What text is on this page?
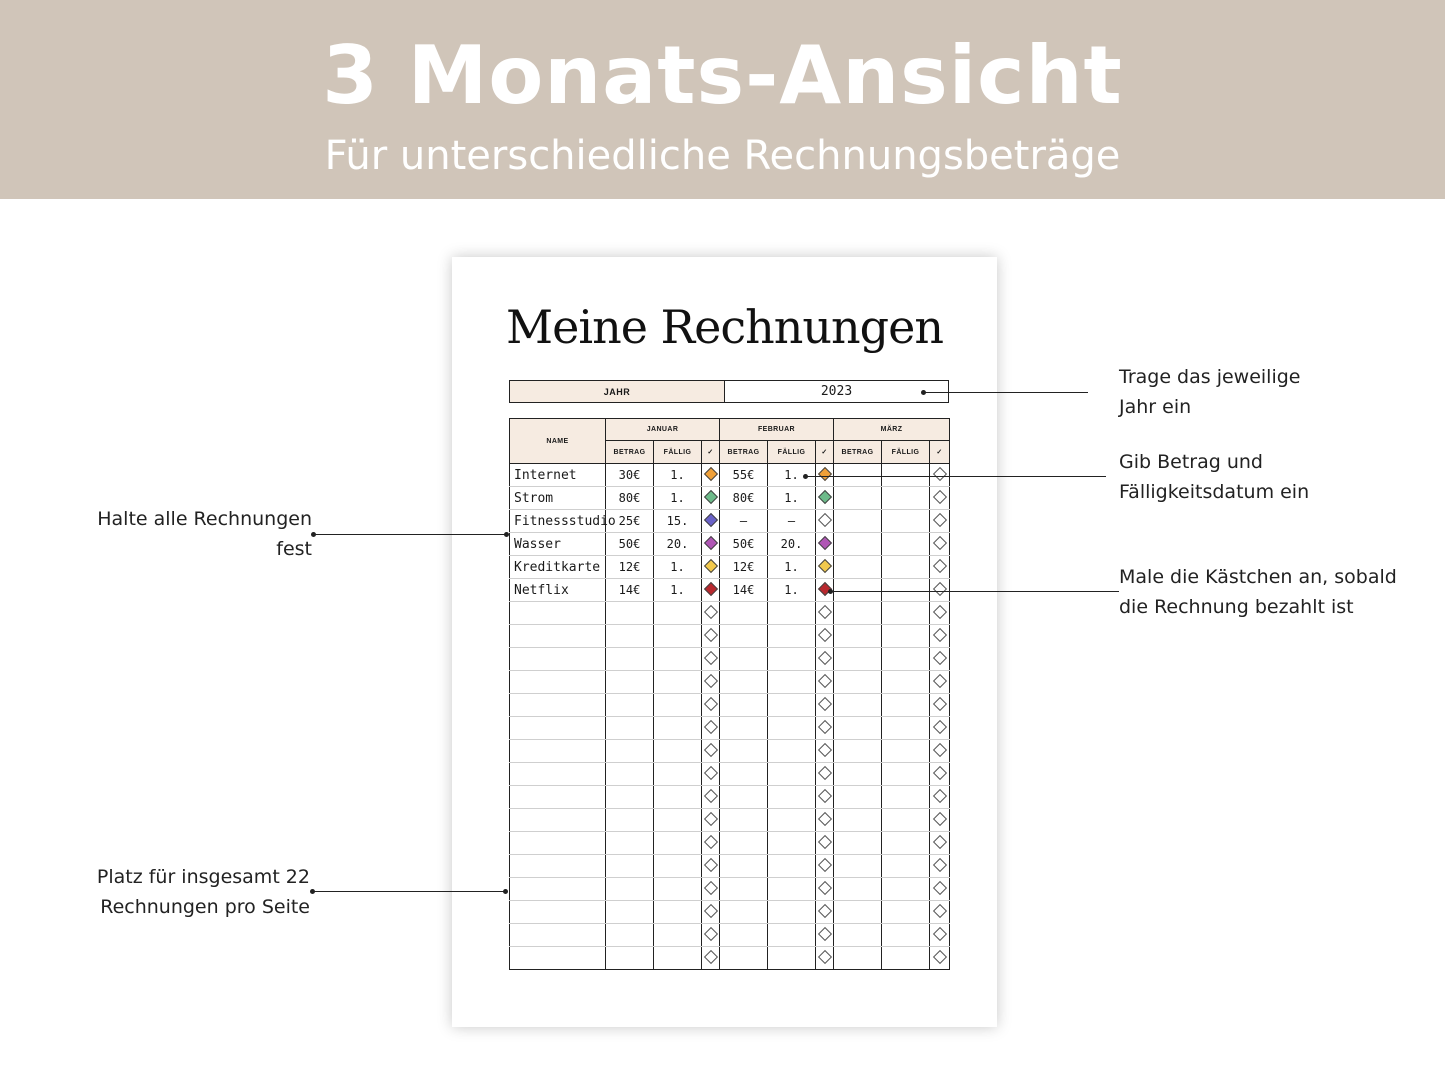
3 Monats-Ansicht
Für unterschiedliche Rechnungsbeträge
Meine Rechnungen
JAHR	2023
NAME	JANUAR			FEBRUAR			MÄRZ		
	BETRAG	FÄLLIG	✓	BETRAG	FÄLLIG	✓	BETRAG	FÄLLIG	✓
Internet	30€	1.		55€	1.				
Strom	80€	1.		80€	1.				
Fitnessstudio	25€	15.		–	–				
Wasser	50€	20.		50€	20.				
Kreditkarte	12€	1.		12€	1.				
Netflix	14€	1.		14€	1.				

Trage das jeweilige
Jahr ein
Gib Betrag und
Fälligkeitsdatum ein
Halte alle Rechnungen
fest
Male die Kästchen an, sobald
die Rechnung bezahlt ist
Platz für insgesamt 22
Rechnungen pro Seite
